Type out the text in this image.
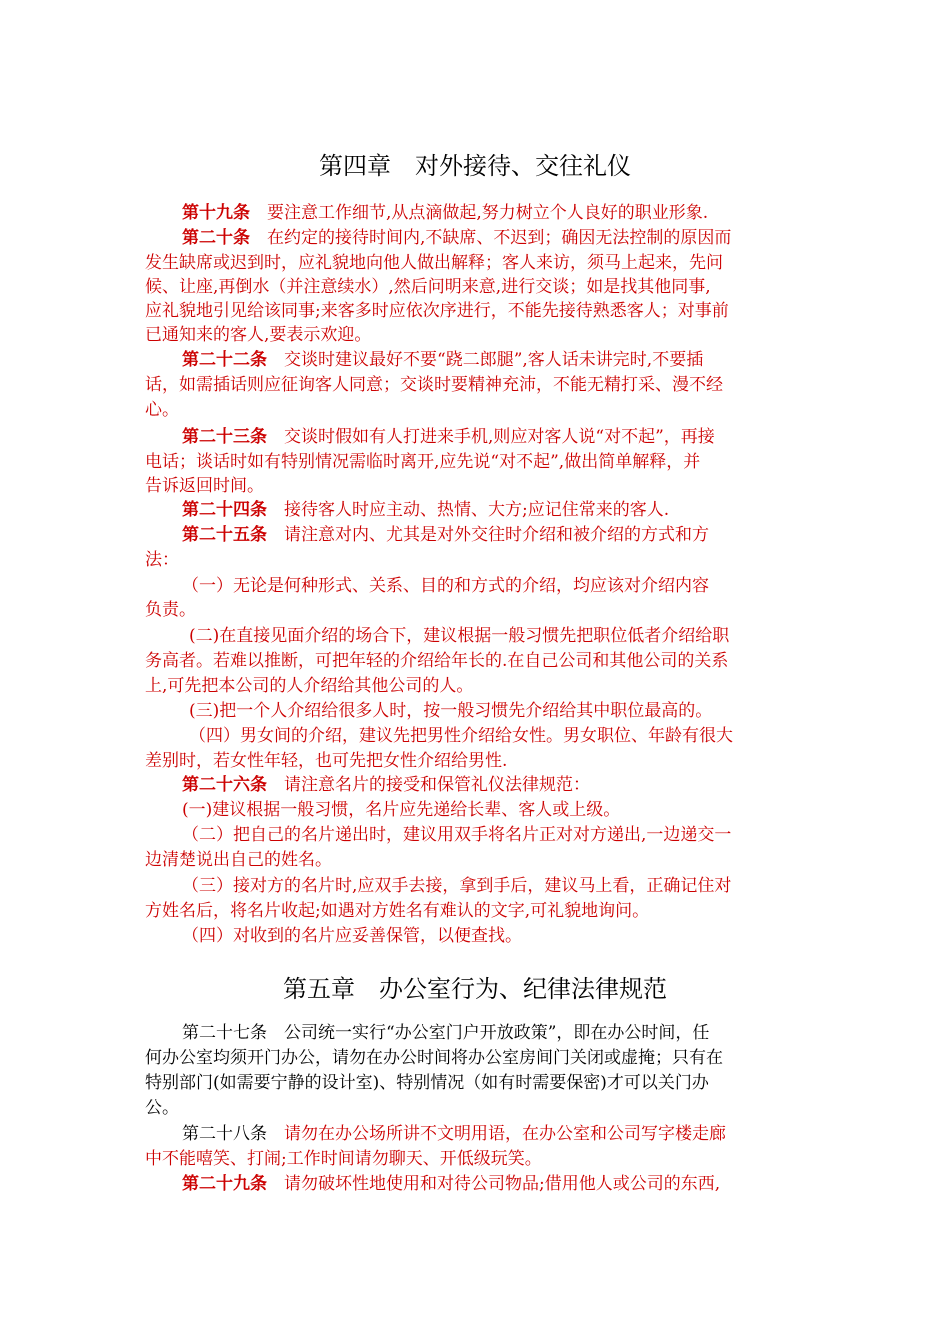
第四章　对外接待、交往礼仪
第十九条　要注意工作细节,从点滴做起,努力树立个人良好的职业形象.
第二十条　在约定的接待时间内,不缺席、不迟到；确因无法控制的原因而
发生缺席或迟到时，应礼貌地向他人做出解释；客人来访，须马上起来，先问
候、让座,再倒水（并注意续水）,然后问明来意,进行交谈；如是找其他同事,
应礼貌地引见给该同事;来客多时应依次序进行，不能先接待熟悉客人；对事前
已通知来的客人,要表示欢迎。
第二十二条　交谈时建议最好不要“跷二郎腿”,客人话未讲完时,不要插
话，如需插话则应征询客人同意；交谈时要精神充沛，不能无精打采、漫不经
心。
第二十三条　交谈时假如有人打进来手机,则应对客人说“对不起”，再接
电话；谈话时如有特别情况需临时离开,应先说“对不起”,做出简单解释，并
告诉返回时间。
第二十四条　接待客人时应主动、热情、大方;应记住常来的客人.
第二十五条　请注意对内、尤其是对外交往时介绍和被介绍的方式和方
法：
（一）无论是何种形式、关系、目的和方式的介绍，均应该对介绍内容
负责。
(二)在直接见面介绍的场合下，建议根据一般习惯先把职位低者介绍给职
务高者。若难以推断，可把年轻的介绍给年长的.在自己公司和其他公司的关系
上,可先把本公司的人介绍给其他公司的人。
(三)把一个人介绍给很多人时，按一般习惯先介绍给其中职位最高的。
（四）男女间的介绍，建议先把男性介绍给女性。男女职位、年龄有很大
差别时，若女性年轻，也可先把女性介绍给男性.
第二十六条　请注意名片的接受和保管礼仪法律规范：
(一)建议根据一般习惯，名片应先递给长辈、客人或上级。
（二）把自己的名片递出时，建议用双手将名片正对对方递出,一边递交一
边清楚说出自己的姓名。
（三）接对方的名片时,应双手去接，拿到手后，建议马上看，正确记住对
方姓名后，将名片收起;如遇对方姓名有难认的文字,可礼貌地询问。
（四）对收到的名片应妥善保管，以便查找。
第五章　办公室行为、纪律法律规范
第二十七条　公司统一实行“办公室门户开放政策”，即在办公时间，任
何办公室均须开门办公，请勿在办公时间将办公室房间门关闭或虚掩；只有在
特别部门(如需要宁静的设计室)、特别情况（如有时需要保密)才可以关门办
公。
第二十八条　请勿在办公场所讲不文明用语，在办公室和公司写字楼走廊
中不能嘻笑、打闹;工作时间请勿聊天、开低级玩笑。
第二十九条　请勿破坏性地使用和对待公司物品;借用他人或公司的东西,
